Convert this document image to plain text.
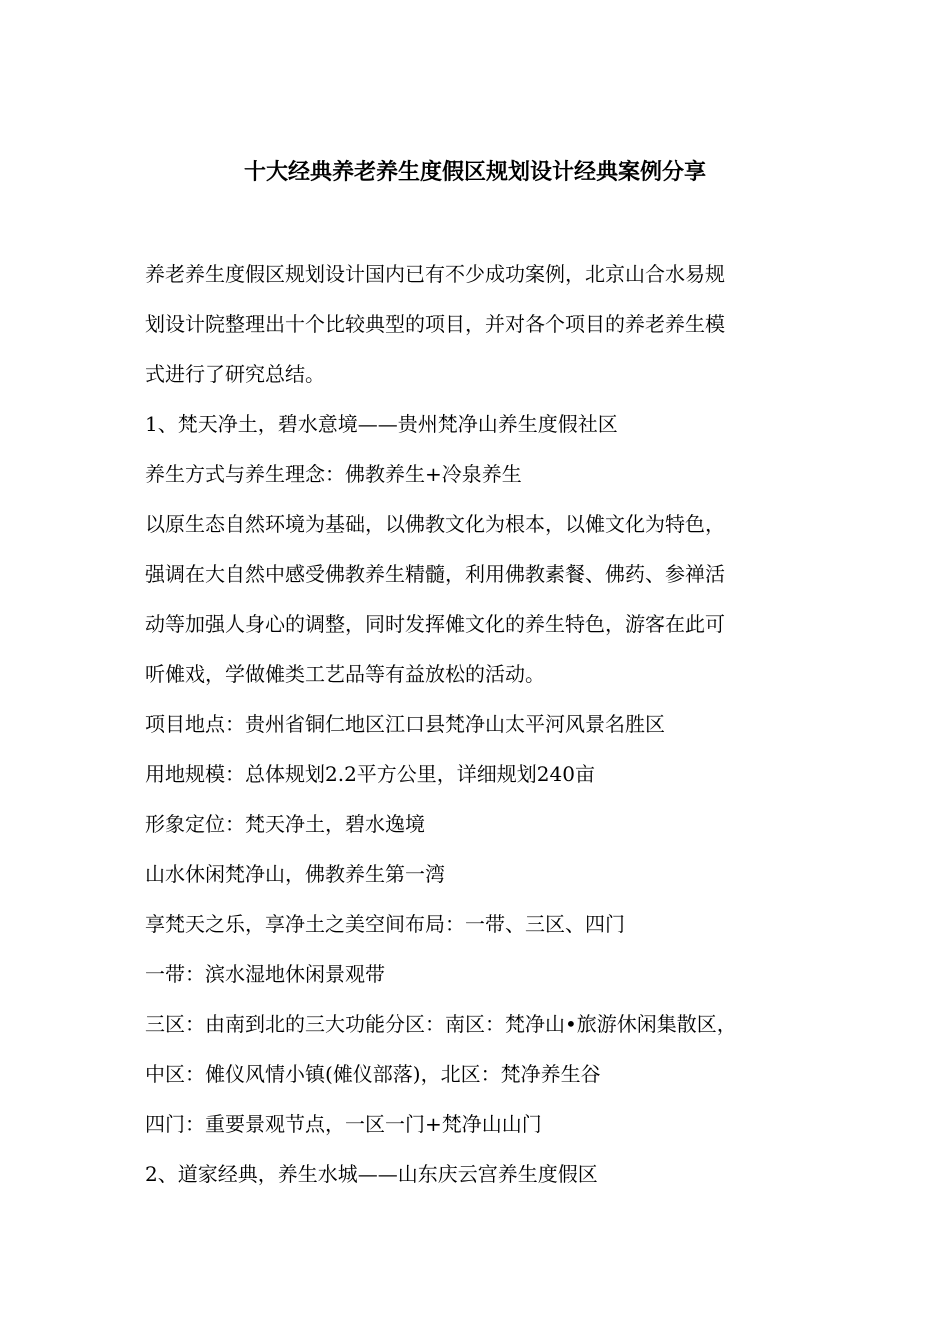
十大经典养老养生度假区规划设计经典案例分享

养老养生度假区规划设计国内已有不少成功案例，北京山合水易规

划设计院整理出十个比较典型的项目，并对各个项目的养老养生模

式进行了研究总结。

1、梵天净土，碧水意境——贵州梵净山养生度假社区

养生方式与养生理念：佛教养生+冷泉养生

以原生态自然环境为基础，以佛教文化为根本，以傩文化为特色，

强调在大自然中感受佛教养生精髓，利用佛教素餐、佛药、参禅活

动等加强人身心的调整，同时发挥傩文化的养生特色，游客在此可

听傩戏，学做傩类工艺品等有益放松的活动。

项目地点：贵州省铜仁地区江口县梵净山太平河风景名胜区

用地规模：总体规划2.2平方公里，详细规划240亩

形象定位：梵天净土，碧水逸境

山水休闲梵净山，佛教养生第一湾

享梵天之乐，享净土之美空间布局：一带、三区、四门

一带：滨水湿地休闲景观带

三区：由南到北的三大功能分区：南区：梵净山•旅游休闲集散区，

中区：傩仪风情小镇(傩仪部落)，北区：梵净养生谷

四门：重要景观节点，一区一门+梵净山山门

2、道家经典，养生水城——山东庆云宫养生度假区
